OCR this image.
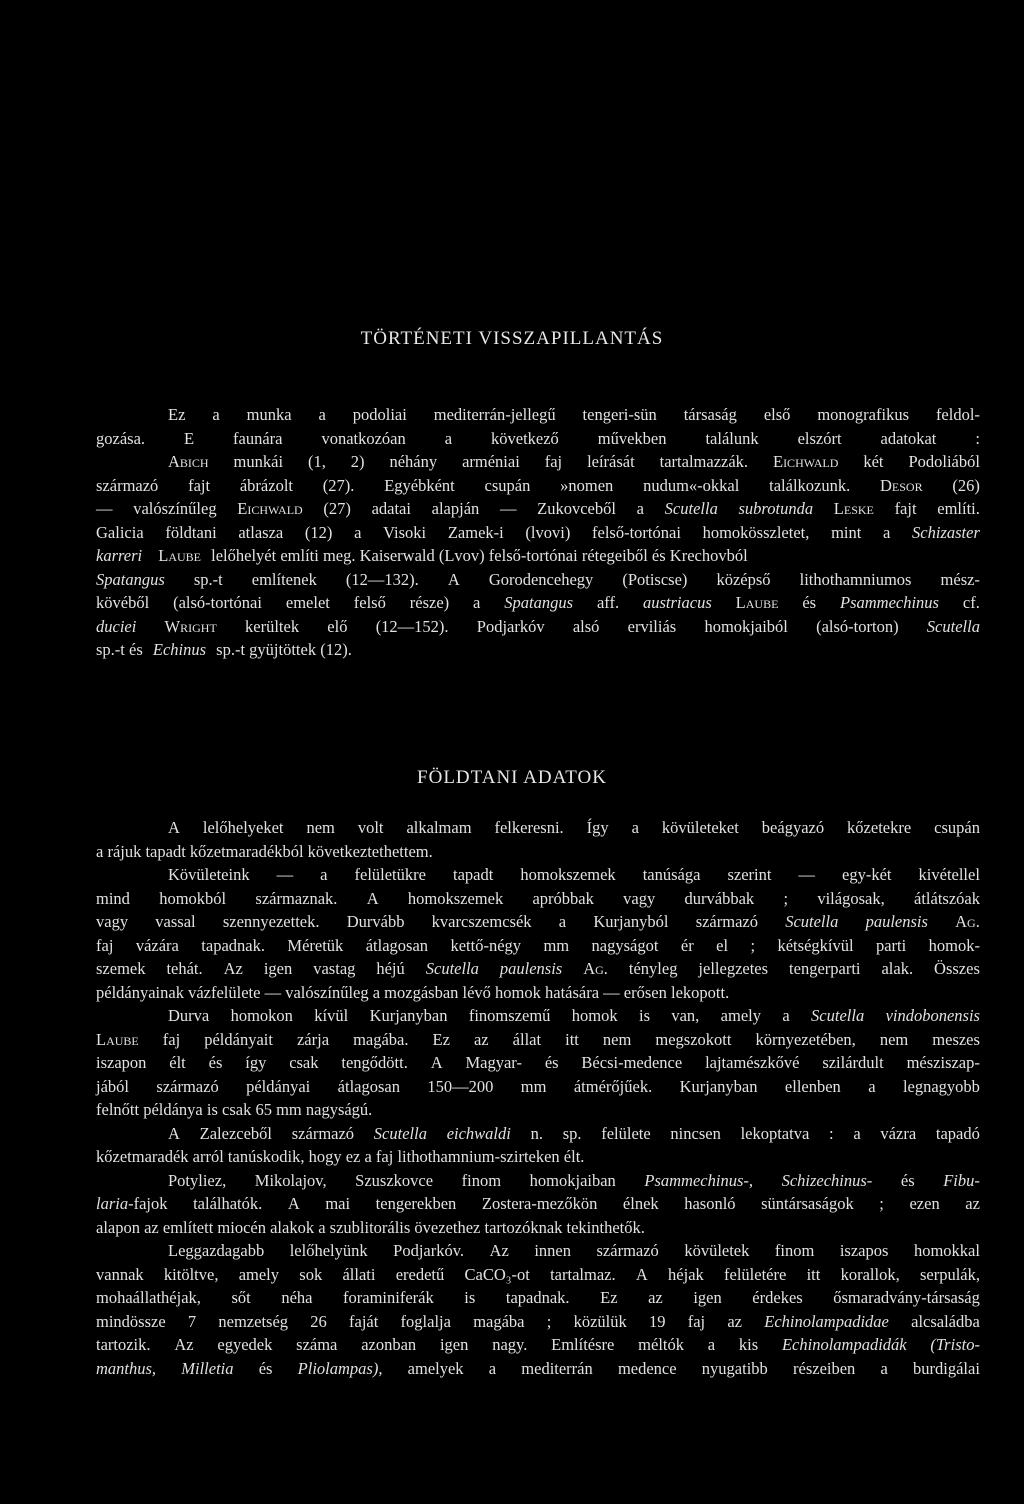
TÖRTÉNETI VISSZAPILLANTÁS
Ez a munka a podoliai mediterrán-jellegű tengeri-sün társaság első monografikus feldol-
gozása. E faunára vonatkozóan a következő művekben találunk elszórt adatokat :
Abich munkái (1, 2) néhány arméniai faj leírását tartalmazzák. Eichwald két Podoliából
származó fajt ábrázolt (27). Egyébként csupán »nomen nudum«-okkal találkozunk. Desor (26)
— valószínűleg Eichwald (27) adatai alapján — Zukovceből a Scutella subrotunda Leske fajt említi.
Galicia földtani atlasza (12) a Visoki Zamek-i (lvovi) felső-tortónai homokösszletet, mint a Schizaster
karreri
Laube lelőhelyét említi meg. Kaiserwald (Lvov) felső-tortónai rétegeiből és Krechovból
Spatangus sp.-t említenek (12—132). A Gorodencehegy (Potiscse) középső lithothamniumos mész-
kövéből (alsó-tortónai emelet felső része) a Spatangus aff. austriacus Laube és Psammechinus cf.
duciei Wright kerültek elő (12—152). Podjarkóv alsó erviliás homokjaiból (alsó-torton) Scutella
sp.-t és Echinus sp.-t gyüjtöttek (12).
FÖLDTANI ADATOK
A lelőhelyeket nem volt alkalmam felkeresni. Így a kövületeket beágyazó kőzetekre csupán
a rájuk tapadt kőzetmaradékból következtethettem.
Kövületeink — a felületükre tapadt homokszemek tanúsága szerint — egy-két kivétellel
mind homokból származnak. A homokszemek apróbbak vagy durvábbak ; világosak, átlátszóak
vagy vassal szennyezettek. Durvább kvarcszemcsék a Kurjanyból származó Scutella paulensis Ag.
faj vázára tapadnak. Méretük átlagosan kettő-négy mm nagyságot ér el ; kétségkívül parti homok-
szemek tehát. Az igen vastag héjú Scutella paulensis Ag. tényleg jellegzetes tengerparti alak. Összes
példányainak vázfelülete — valószínűleg a mozgásban lévő homok hatására — erősen lekopott.
Durva homokon kívül Kurjanyban finomszemű homok is van, amely a Scutella vindobonensis
Laube faj példányait zárja magába. Ez az állat itt nem megszokott környezetében, nem meszes
iszapon élt és így csak tengődött. A Magyar- és Bécsi-medence lajtamészkővé szilárdult mésziszap-
jából származó példányai átlagosan 150—200 mm átmérőjűek. Kurjanyban ellenben a legnagyobb
felnőtt példánya is csak 65 mm nagyságú.
A Zalezceből származó Scutella eichwaldi n. sp. felülete nincsen lekoptatva : a vázra tapadó
kőzetmaradék arról tanúskodik, hogy ez a faj lithothamnium-szirteken élt.
Potyliez, Mikolajov, Szuszkovce finom homokjaiban Psammechinus-, Schizechinus- és Fibu-
laria-fajok találhatók. A mai tengerekben Zostera-mezőkön élnek hasonló süntársaságok ; ezen az
alapon az említett miocén alakok a szublitorális övezethez tartozóknak tekinthetők.
Leggazdagabb lelőhelyünk Podjarkóv. Az innen származó kövületek finom iszapos homokkal
vannak kitöltve, amely sok állati eredetű CaCO₃-ot tartalmaz. A héjak felületére itt korallok, serpulák,
mohaállathéjak, sőt néha foraminiferák is tapadnak. Ez az igen érdekes ősmaradvány-társaság
mindössze 7 nemzetség 26 faját foglalja magába ; közülük 19 faj az Echinolampadidae alcsaládba
tartozik. Az egyedek száma azonban igen nagy. Említésre méltók a kis Echinolampadidák (Tristo-
manthus, Milletia és Pliolampas), amelyek a mediterrán medence nyugatibb részeiben a burdigálai
